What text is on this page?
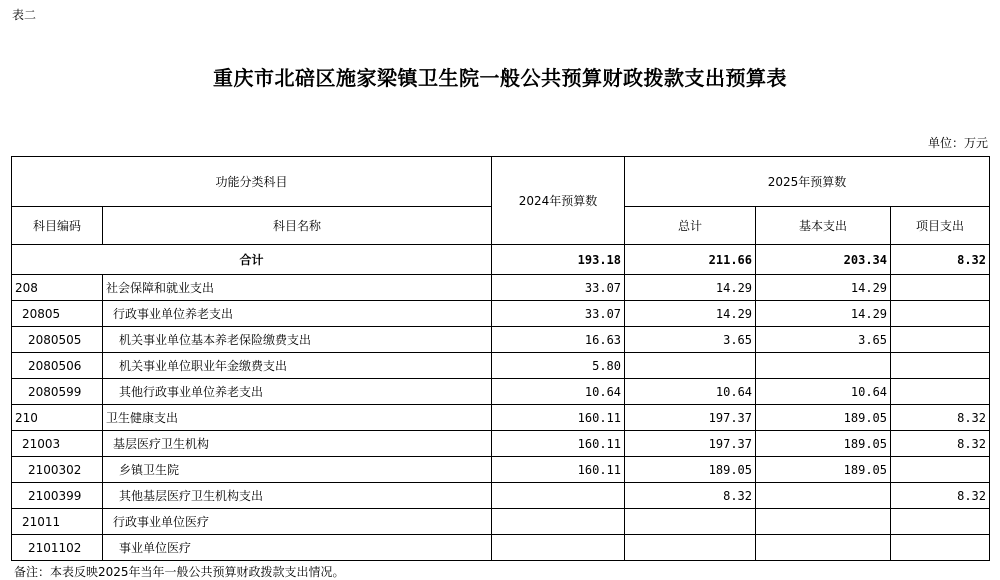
表二
重庆市北碚区施家梁镇卫生院一般公共预算财政拨款支出预算表
单位：万元
功能分类科目		2024年预算数	2025年预算数		
科目编码	科目名称		总计	基本支出	项目支出
合计		193.18	211.66	203.34	8.32
208	社会保障和就业支出	33.07	14.29	14.29	
20805	行政事业单位养老支出	33.07	14.29	14.29	
2080505	机关事业单位基本养老保险缴费支出	16.63	3.65	3.65	
2080506	机关事业单位职业年金缴费支出	5.80			
2080599	其他行政事业单位养老支出	10.64	10.64	10.64	
210	卫生健康支出	160.11	197.37	189.05	8.32
21003	基层医疗卫生机构	160.11	197.37	189.05	8.32
2100302	乡镇卫生院	160.11	189.05	189.05	
2100399	其他基层医疗卫生机构支出		8.32		8.32
21011	行政事业单位医疗				
2101102	事业单位医疗				
备注：本表反映2025年当年一般公共预算财政拨款支出情况。
